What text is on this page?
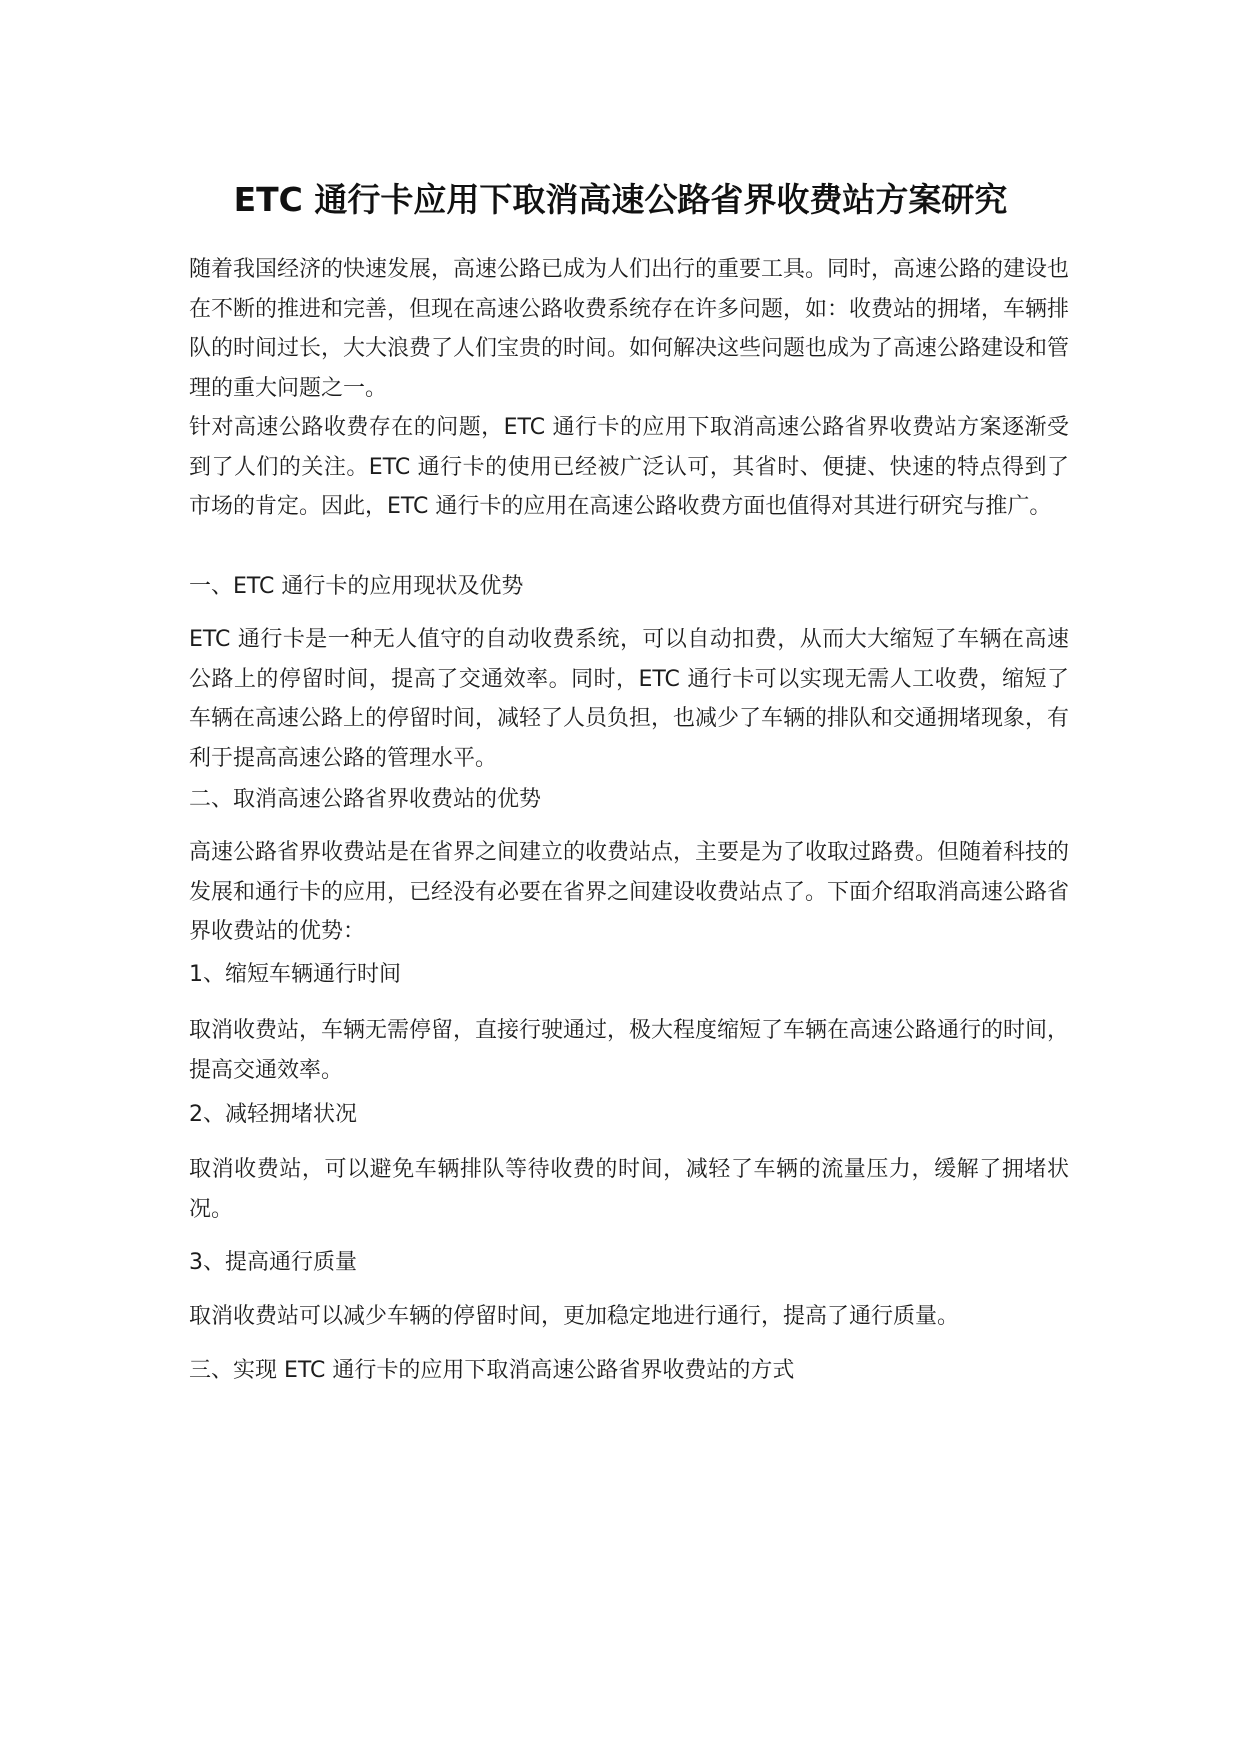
ETC 通行卡应用下取消高速公路省界收费站方案研究

随着我国经济的快速发展，高速公路已成为人们出行的重要工具。同时，高速公路的建设也在不断的推进和完善，但现在高速公路收费系统存在许多问题，如：收费站的拥堵，车辆排队的时间过长，大大浪费了人们宝贵的时间。如何解决这些问题也成为了高速公路建设和管理的重大问题之一。

针对高速公路收费存在的问题，ETC 通行卡的应用下取消高速公路省界收费站方案逐渐受到了人们的关注。ETC 通行卡的使用已经被广泛认可，其省时、便捷、快速的特点得到了市场的肯定。因此，ETC 通行卡的应用在高速公路收费方面也值得对其进行研究与推广。

一、ETC 通行卡的应用现状及优势

ETC 通行卡是一种无人值守的自动收费系统，可以自动扣费，从而大大缩短了车辆在高速公路上的停留时间，提高了交通效率。同时，ETC 通行卡可以实现无需人工收费，缩短了车辆在高速公路上的停留时间，减轻了人员负担，也减少了车辆的排队和交通拥堵现象，有利于提高高速公路的管理水平。

二、取消高速公路省界收费站的优势

高速公路省界收费站是在省界之间建立的收费站点，主要是为了收取过路费。但随着科技的发展和通行卡的应用，已经没有必要在省界之间建设收费站点了。下面介绍取消高速公路省界收费站的优势：

1、缩短车辆通行时间

取消收费站，车辆无需停留，直接行驶通过，极大程度缩短了车辆在高速公路通行的时间，提高交通效率。

2、减轻拥堵状况

取消收费站，可以避免车辆排队等待收费的时间，减轻了车辆的流量压力，缓解了拥堵状况。

3、提高通行质量

取消收费站可以减少车辆的停留时间，更加稳定地进行通行，提高了通行质量。

三、实现 ETC 通行卡的应用下取消高速公路省界收费站的方式
